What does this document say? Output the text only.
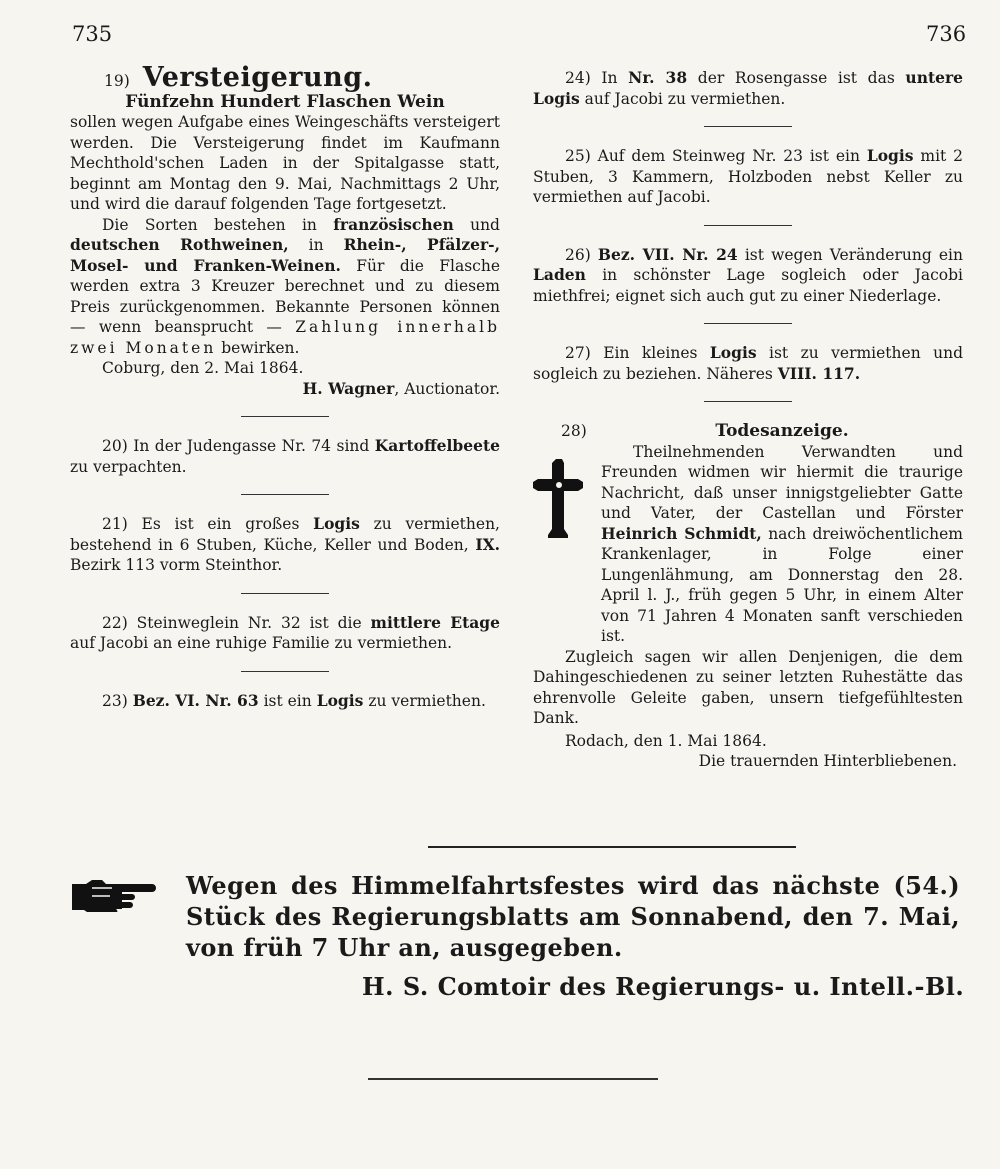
735	736
19) Versteigerung.

Fünfzehn Hundert Flaschen Wein

sollen wegen Aufgabe eines Weingeschäfts versteigert werden. Die Versteigerung findet im Kaufmann Mechthold'schen Laden in der Spitalgasse statt, beginnt am Montag den 9. Mai, Nachmittags 2 Uhr, und wird die darauf folgenden Tage fortgesetzt.

Die Sorten bestehen in französischen und deutschen Rothweinen, in Rhein-, Pfälzer-, Mosel- und Franken-Weinen. Für die Flasche werden extra 3 Kreuzer berechnet und zu diesem Preis zurückgenommen. Bekannte Personen können — wenn beansprucht — Zahlung innerhalb zwei Monaten bewirken.

Coburg, den 2. Mai 1864.

H. Wagner, Auctionator.

20) In der Judengasse Nr. 74 sind Kartoffelbeete zu verpachten.

21) Es ist ein großes Logis zu vermiethen, bestehend in 6 Stuben, Küche, Keller und Boden, IX. Bezirk 113 vorm Steinthor.

22) Steinweglein Nr. 32 ist die mittlere Etage auf Jacobi an eine ruhige Familie zu vermiethen.

23) Bez. VI. Nr. 63 ist ein Logis zu vermiethen.

24) In Nr. 38 der Rosengasse ist das untere Logis auf Jacobi zu vermiethen.

25) Auf dem Steinweg Nr. 23 ist ein Logis mit 2 Stuben, 3 Kammern, Holzboden nebst Keller zu vermiethen auf Jacobi.

26) Bez. VII. Nr. 24 ist wegen Veränderung ein Laden in schönster Lage sogleich oder Jacobi miethfrei; eignet sich auch gut zu einer Niederlage.

27) Ein kleines Logis ist zu vermiethen und sogleich zu beziehen. Näheres VIII. 117.

28)	Todesanzeige.

Theilnehmenden Verwandten und Freunden widmen wir hiermit die traurige Nachricht, daß unser innigstgeliebter Gatte und Vater, der Castellan und Förster Heinrich Schmidt, nach dreiwöchentlichem Krankenlager, in Folge einer Lungenlähmung, am Donnerstag den 28. April l. J., früh gegen 5 Uhr, in einem Alter von 71 Jahren 4 Monaten sanft verschieden ist.

Zugleich sagen wir allen Denjenigen, die dem Dahingeschiedenen zu seiner letzten Ruhestätte das ehrenvolle Geleite gaben, unsern tiefgefühltesten Dank.

Rodach, den 1. Mai 1864.

Die trauernden Hinterbliebenen.

Wegen des Himmelfahrtsfestes wird das nächste (54.) Stück des Regierungsblatts am Sonnabend, den 7. Mai, von früh 7 Uhr an, ausgegeben.

H. S. Comtoir des Regierungs- u. Intell.-Bl.
